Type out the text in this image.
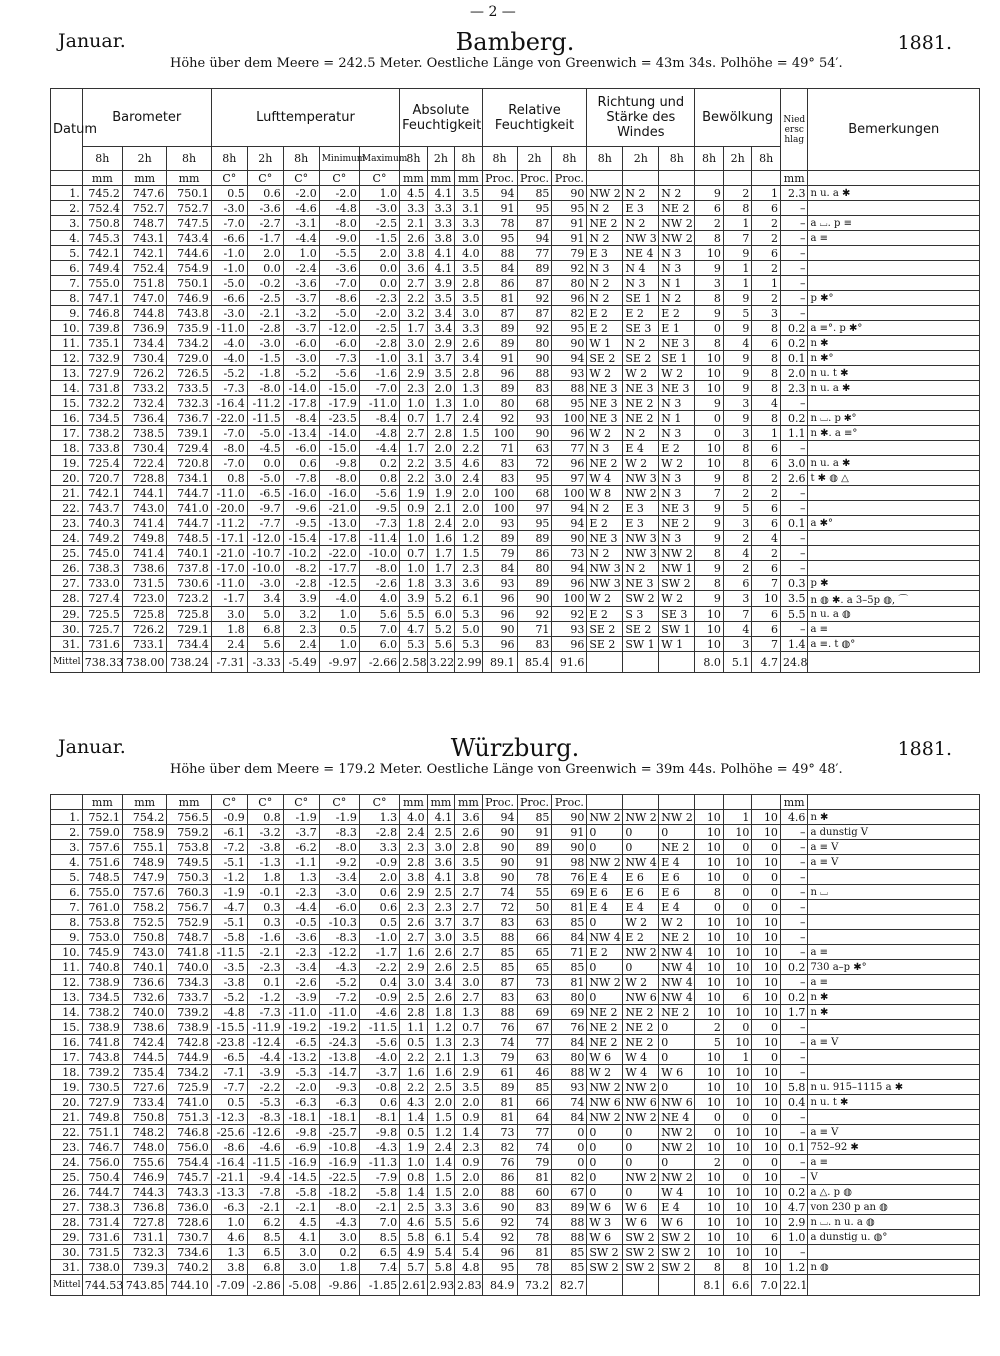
— 2 —
Januar.	Bamberg.	1881.
Höhe über dem Meere = 242.5 Meter. Oestliche Länge von Greenwich = 43m 34s. Polhöhe = 49° 54′.
Datum	Barometer			Lufttemperatur					Absolute Feuchtigkeit			Relative Feuchtigkeit			Richtung und Stärke des Windes			Bewölkung			Niederschlag	Bemerkungen
	8h	2h	8h	8h	2h	8h	Minimum	Maximum	8h	2h	8h	8h	2h	8h	8h	2h	8h	8h	2h	8h		
	mm	mm	mm	C°	C°	C°	C°	C°	mm	mm	mm	Proc.	Proc.	Proc.							mm	
1.	745.2	747.6	750.1	0.5	0.6	-2.0	-2.0	1.0	4.5	4.1	3.5	94	85	90	NW 2	N 2	N 2	9	2	1	2.3	n u. a ✱
2.	752.4	752.7	752.7	-3.0	-3.6	-4.6	-4.8	-3.0	3.3	3.3	3.1	91	95	95	N 2	E 3	NE 2	6	8	6	–	
3.	750.8	748.7	747.5	-7.0	-2.7	-3.1	-8.0	-2.5	2.1	3.3	3.3	78	87	91	NE 2	N 2	NW 2	2	1	2	–	a ⌴. p ≡
4.	745.3	743.1	743.4	-6.6	-1.7	-4.4	-9.0	-1.5	2.6	3.8	3.0	95	94	91	N 2	NW 3	NW 2	8	7	2	–	a ≡
5.	742.1	742.1	744.6	-1.0	2.0	1.0	-5.5	2.0	3.8	4.1	4.0	88	77	79	E 3	NE 4	N 3	10	9	6	–	
6.	749.4	752.4	754.9	-1.0	0.0	-2.4	-3.6	0.0	3.6	4.1	3.5	84	89	92	N 3	N 4	N 3	9	1	2	–	
7.	755.0	751.8	750.1	-5.0	-0.2	-3.6	-7.0	0.0	2.7	3.9	2.8	86	87	80	N 2	N 3	N 1	3	1	1	–	
8.	747.1	747.0	746.9	-6.6	-2.5	-3.7	-8.6	-2.3	2.2	3.5	3.5	81	92	96	N 2	SE 1	N 2	8	9	2	–	p ✱°
9.	746.8	744.8	743.8	-3.0	-2.1	-3.2	-5.0	-2.0	3.2	3.4	3.0	87	87	82	E 2	E 2	E 2	9	5	3	–	
10.	739.8	736.9	735.9	-11.0	-2.8	-3.7	-12.0	-2.5	1.7	3.4	3.3	89	92	95	E 2	SE 3	E 1	0	9	8	0.2	a ≡°. p ✱°
11.	735.1	734.4	734.2	-4.0	-3.0	-6.0	-6.0	-2.8	3.0	2.9	2.6	89	80	90	W 1	N 2	NE 3	8	4	6	0.2	n ✱
12.	732.9	730.4	729.0	-4.0	-1.5	-3.0	-7.3	-1.0	3.1	3.7	3.4	91	90	94	SE 2	SE 2	SE 1	10	9	8	0.1	n ✱°
13.	727.9	726.2	726.5	-5.2	-1.8	-5.2	-5.6	-1.6	2.9	3.5	2.8	96	88	93	W 2	W 2	W 2	10	9	8	2.0	n u. t ✱
14.	731.8	733.2	733.5	-7.3	-8.0	-14.0	-15.0	-7.0	2.3	2.0	1.3	89	83	88	NE 3	NE 3	NE 3	10	9	8	2.3	n u. a ✱
15.	732.2	732.4	732.3	-16.4	-11.2	-17.8	-17.9	-11.0	1.0	1.3	1.0	80	68	95	NE 3	NE 2	N 3	9	3	4	–	
16.	734.5	736.4	736.7	-22.0	-11.5	-8.4	-23.5	-8.4	0.7	1.7	2.4	92	93	100	NE 3	NE 2	N 1	0	9	8	0.2	n ⌴. p ✱°
17.	738.2	738.5	739.1	-7.0	-5.0	-13.4	-14.0	-4.8	2.7	2.8	1.5	100	90	96	W 2	N 2	N 3	0	3	1	1.1	n ✱. a ≡°
18.	733.8	730.4	729.4	-8.0	-4.5	-6.0	-15.0	-4.4	1.7	2.0	2.2	71	63	77	N 3	E 4	E 2	10	8	6	–	
19.	725.4	722.4	720.8	-7.0	0.0	0.6	-9.8	0.2	2.2	3.5	4.6	83	72	96	NE 2	W 2	W 2	10	8	6	3.0	n u. a ✱
20.	720.7	728.8	734.1	0.8	-5.0	-7.8	-8.0	0.8	2.2	3.0	2.4	83	95	97	W 4	NW 3	N 3	9	8	2	2.6	t ✱ ◍ △
21.	742.1	744.1	744.7	-11.0	-6.5	-16.0	-16.0	-5.6	1.9	1.9	2.0	100	68	100	W 8	NW 2	N 3	7	2	2	–	
22.	743.7	743.0	741.0	-20.0	-9.7	-9.6	-21.0	-9.5	0.9	2.1	2.0	100	97	94	N 2	E 3	NE 3	9	5	6	–	
23.	740.3	741.4	744.7	-11.2	-7.7	-9.5	-13.0	-7.3	1.8	2.4	2.0	93	95	94	E 2	E 3	NE 2	9	3	6	0.1	a ✱°
24.	749.2	749.8	748.5	-17.1	-12.0	-15.4	-17.8	-11.4	1.0	1.6	1.2	89	89	90	NE 3	NW 3	N 3	9	2	4	–	
25.	745.0	741.4	740.1	-21.0	-10.7	-10.2	-22.0	-10.0	0.7	1.7	1.5	79	86	73	N 2	NW 3	NW 2	8	4	2	–	
26.	738.3	738.6	737.8	-17.0	-10.0	-8.2	-17.7	-8.0	1.0	1.7	2.3	84	80	94	NW 3	N 2	NW 1	9	2	6	–	
27.	733.0	731.5	730.6	-11.0	-3.0	-2.8	-12.5	-2.6	1.8	3.3	3.6	93	89	96	NW 3	NE 3	SW 2	8	6	7	0.3	p ✱
28.	727.4	723.0	723.2	-1.7	3.4	3.9	-4.0	4.0	3.9	5.2	6.1	96	90	100	W 2	SW 2	W 2	9	3	10	3.5	n ◍ ✱. a 3–5p ◍, ⌒
29.	725.5	725.8	725.8	3.0	5.0	3.2	1.0	5.6	5.5	6.0	5.3	96	92	92	E 2	S 3	SE 3	10	7	6	5.5	n u. a ◍
30.	725.7	726.2	729.1	1.8	6.8	2.3	0.5	7.0	4.7	5.2	5.0	90	71	93	SE 2	SE 2	SW 1	10	4	6	–	a ≡
31.	731.6	733.1	734.4	2.4	5.6	2.4	1.0	6.0	5.3	5.6	5.3	96	83	96	SE 2	SW 1	W 1	10	3	7	1.4	a ≡. t ◍°
Mittel	738.33	738.00	738.24	-7.31	-3.33	-5.49	-9.97	-2.66	2.58	3.22	2.99	89.1	85.4	91.6				8.0	5.1	4.7	24.8	
Januar.	Würzburg.	1881.
Höhe über dem Meere = 179.2 Meter. Oestliche Länge von Greenwich = 39m 44s. Polhöhe = 49° 48′.
	mm	mm	mm	C°	C°	C°	C°	C°	mm	mm	mm	Proc.	Proc.	Proc.							mm	
1.	752.1	754.2	756.5	-0.9	0.8	-1.9	-1.9	1.3	4.0	4.1	3.6	94	85	90	NW 2	NW 2	NW 2	10	1	10	4.6	n ✱
2.	759.0	758.9	759.2	-6.1	-3.2	-3.7	-8.3	-2.8	2.4	2.5	2.6	90	91	91	0	0	0	10	10	10	–	a dunstig V
3.	757.6	755.1	753.8	-7.2	-3.8	-6.2	-8.0	3.3	2.3	3.0	2.8	90	89	90	0	0	NE 2	10	0	0	–	a ≡ V
4.	751.6	748.9	749.5	-5.1	-1.3	-1.1	-9.2	-0.9	2.8	3.6	3.5	90	91	98	NW 2	NW 4	E 4	10	10	10	–	a ≡ V
5.	748.5	747.9	750.3	-1.2	1.8	1.3	-3.4	2.0	3.8	4.1	3.8	90	78	76	E 4	E 6	E 6	10	0	0	–	
6.	755.0	757.6	760.3	-1.9	-0.1	-2.3	-3.0	0.6	2.9	2.5	2.7	74	55	69	E 6	E 6	E 6	8	0	0	–	n ⌴
7.	761.0	758.2	756.7	-4.7	0.3	-4.4	-6.0	0.6	2.3	2.3	2.7	72	50	81	E 4	E 4	E 4	0	0	0	–	
8.	753.8	752.5	752.9	-5.1	0.3	-0.5	-10.3	0.5	2.6	3.7	3.7	83	63	85	0	W 2	W 2	10	10	10	–	
9.	753.0	750.8	748.7	-5.8	-1.6	-3.6	-8.3	-1.0	2.7	3.0	3.5	88	66	84	NW 4	E 2	NE 2	10	10	10	–	
10.	745.9	743.0	741.8	-11.5	-2.1	-2.3	-12.2	-1.7	1.6	2.6	2.7	85	65	71	E 2	NW 2	NW 4	10	10	10	–	a ≡
11.	740.8	740.1	740.0	-3.5	-2.3	-3.4	-4.3	-2.2	2.9	2.6	2.5	85	65	85	0	0	NW 4	10	10	10	0.2	730 a–p ✱°
12.	738.9	736.6	734.3	-3.8	0.1	-2.6	-5.2	0.4	3.0	3.4	3.0	87	73	81	NW 2	W 2	NW 4	10	10	10	–	a ≡
13.	734.5	732.6	733.7	-5.2	-1.2	-3.9	-7.2	-0.9	2.5	2.6	2.7	83	63	80	0	NW 6	NW 4	10	6	10	0.2	n ✱
14.	738.2	740.0	739.2	-4.8	-7.3	-11.0	-11.0	-4.6	2.8	1.8	1.3	88	69	69	NE 2	NE 2	NE 2	10	10	10	1.7	n ✱
15.	738.9	738.6	738.9	-15.5	-11.9	-19.2	-19.2	-11.5	1.1	1.2	0.7	76	67	76	NE 2	NE 2	0	2	0	0	–	
16.	741.8	742.4	742.8	-23.8	-12.4	-6.5	-24.3	-5.6	0.5	1.3	2.3	74	77	84	NE 2	NE 2	0	5	10	10	–	a ≡ V
17.	743.8	744.5	744.9	-6.5	-4.4	-13.2	-13.8	-4.0	2.2	2.1	1.3	79	63	80	W 6	W 4	0	10	1	0	–	
18.	739.2	735.4	734.2	-7.1	-3.9	-5.3	-14.7	-3.7	1.6	1.6	2.9	61	46	88	W 2	W 4	W 6	10	10	10	–	
19.	730.5	727.6	725.9	-7.7	-2.2	-2.0	-9.3	-0.8	2.2	2.5	3.5	89	85	93	NW 2	NW 2	0	10	10	10	5.8	n u. 915–1115 a ✱
20.	727.9	733.4	741.0	0.5	-5.3	-6.3	-6.3	0.6	4.3	2.0	2.0	81	66	74	NW 6	NW 6	NW 6	10	10	10	0.4	n u. t ✱
21.	749.8	750.8	751.3	-12.3	-8.3	-18.1	-18.1	-8.1	1.4	1.5	0.9	81	64	84	NW 2	NW 2	NE 4	0	0	0	–	
22.	751.1	748.2	746.8	-25.6	-12.6	-9.8	-25.7	-9.8	0.5	1.2	1.4	73	77	0	0	0	NW 2	0	10	10	–	a ≡ V
23.	746.7	748.0	756.0	-8.6	-4.6	-6.9	-10.8	-4.3	1.9	2.4	2.3	82	74	0	0	0	NW 2	10	10	10	0.1	752–92 ✱
24.	756.0	755.6	754.4	-16.4	-11.5	-16.9	-16.9	-11.3	1.0	1.4	0.9	76	79	0	0	0	0	2	0	0	–	a ≡
25.	750.4	746.9	745.7	-21.1	-9.4	-14.5	-22.5	-7.9	0.8	1.5	2.0	86	81	82	0	NW 2	NW 2	10	0	10	–	V
26.	744.7	744.3	743.3	-13.3	-7.8	-5.8	-18.2	-5.8	1.4	1.5	2.0	88	60	67	0	0	W 4	10	10	10	0.2	a △. p ◍
27.	738.3	736.8	736.0	-6.3	-2.1	-2.1	-8.0	-2.1	2.5	3.3	3.6	90	83	89	W 6	W 6	E 4	10	10	10	4.7	von 230 p an ◍
28.	731.4	727.8	728.6	1.0	6.2	4.5	-4.3	7.0	4.6	5.5	5.6	92	74	88	W 3	W 6	W 6	10	10	10	2.9	n ⌴. n u. a ◍
29.	731.6	731.1	730.7	4.6	8.5	4.1	3.0	8.5	5.8	6.1	5.4	92	78	88	W 6	SW 2	SW 2	10	10	6	1.0	a dunstig u. ◍°
30.	731.5	732.3	734.6	1.3	6.5	3.0	0.2	6.5	4.9	5.4	5.4	96	81	85	SW 2	SW 2	SW 2	10	10	10	–	
31.	738.0	739.3	740.2	3.8	6.8	3.0	1.8	7.4	5.7	5.8	4.8	95	78	85	SW 2	SW 2	SW 2	8	8	10	1.2	n ◍
Mittel	744.53	743.85	744.10	-7.09	-2.86	-5.08	-9.86	-1.85	2.61	2.93	2.83	84.9	73.2	82.7				8.1	6.6	7.0	22.1	
